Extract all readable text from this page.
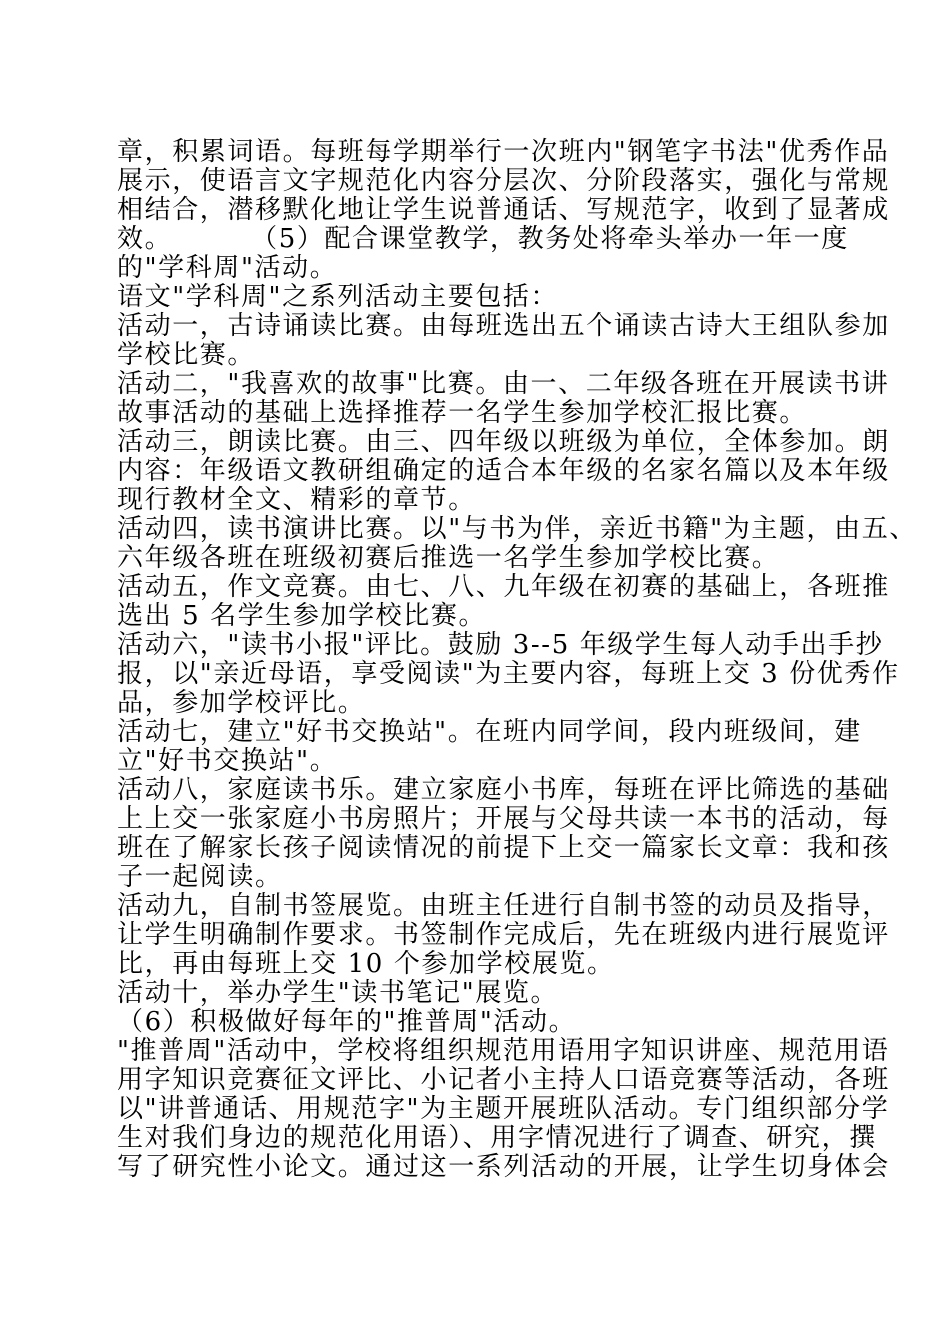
章，积累词语。每班每学期举行一次班内"钢笔字书法"优秀作品
展示，使语言文字规范化内容分层次、分阶段落实，强化与常规
相结合，潜移默化地让学生说普通话、写规范字，收到了显著成
效。        （5）配合课堂教学，教务处将牵头举办一年一度
的"学科周"活动。
语文"学科周"之系列活动主要包括：
活动一，古诗诵读比赛。由每班选出五个诵读古诗大王组队参加
学校比赛。
活动二，"我喜欢的故事"比赛。由一、二年级各班在开展读书讲
故事活动的基础上选择推荐一名学生参加学校汇报比赛。
活动三，朗读比赛。由三、四年级以班级为单位，全体参加。朗
内容：年级语文教研组确定的适合本年级的名家名篇以及本年级
现行教材全文、精彩的章节。
活动四，读书演讲比赛。以"与书为伴，亲近书籍"为主题，由五、
六年级各班在班级初赛后推选一名学生参加学校比赛。
活动五，作文竞赛。由七、八、九年级在初赛的基础上，各班推
选出 5 名学生参加学校比赛。
活动六，"读书小报"评比。鼓励 3--5 年级学生每人动手出手抄
报，以"亲近母语，享受阅读"为主要内容，每班上交 3 份优秀作
品，参加学校评比。
活动七，建立"好书交换站"。在班内同学间，段内班级间，建
立"好书交换站"。
活动八，家庭读书乐。建立家庭小书库，每班在评比筛选的基础
上上交一张家庭小书房照片；开展与父母共读一本书的活动，每
班在了解家长孩子阅读情况的前提下上交一篇家长文章：我和孩
子一起阅读。
活动九，自制书签展览。由班主任进行自制书签的动员及指导，
让学生明确制作要求。书签制作完成后，先在班级内进行展览评
比，再由每班上交 10 个参加学校展览。
活动十，举办学生"读书笔记"展览。
（6）积极做好每年的"推普周"活动。
"推普周"活动中，学校将组织规范用语用字知识讲座、规范用语
用字知识竞赛征文评比、小记者小主持人口语竞赛等活动，各班
以"讲普通话、用规范字"为主题开展班队活动。专门组织部分学
生对我们身边的规范化用语）、用字情况进行了调查、研究，撰
写了研究性小论文。通过这一系列活动的开展，让学生切身体会
